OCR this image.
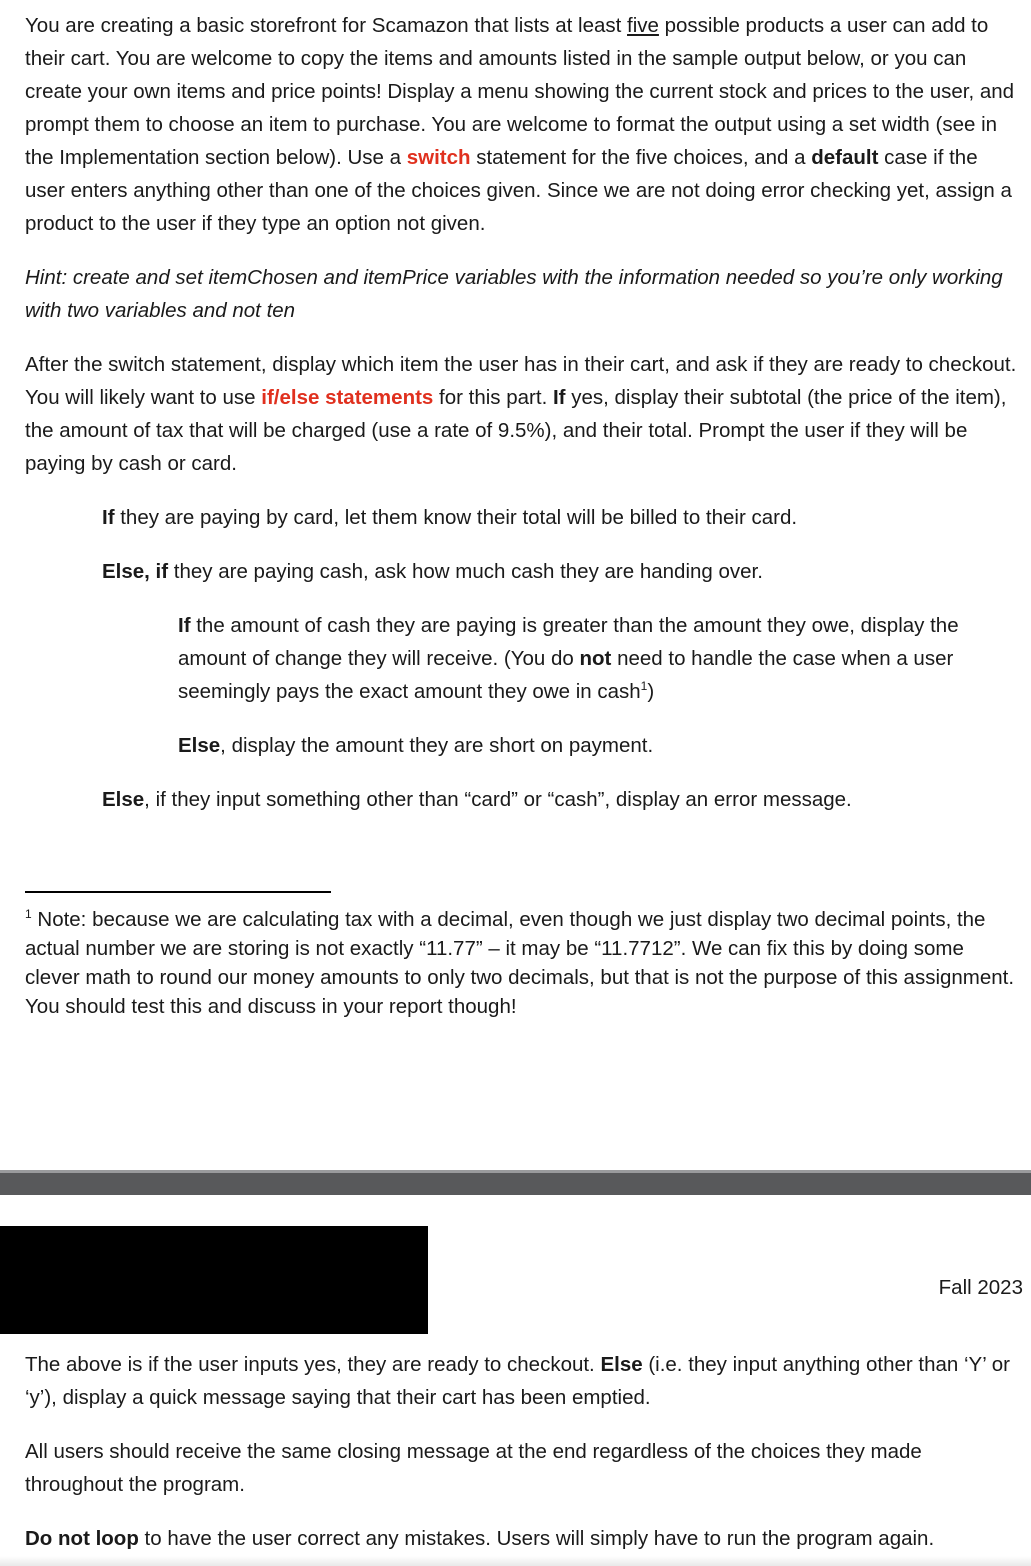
You are creating a basic storefront for Scamazon that lists at least five possible products a user can add to their cart. You are welcome to copy the items and amounts listed in the sample output below, or you can create your own items and price points! Display a menu showing the current stock and prices to the user, and prompt them to choose an item to purchase. You are welcome to format the output using a set width (see in the Implementation section below). Use a switch statement for the five choices, and a default case if the user enters anything other than one of the choices given. Since we are not doing error checking yet, assign a product to the user if they type an option not given.

Hint: create and set itemChosen and itemPrice variables with the information needed so you’re only working with two variables and not ten

After the switch statement, display which item the user has in their cart, and ask if they are ready to checkout. You will likely want to use if/else statements for this part. If yes, display their subtotal (the price of the item), the amount of tax that will be charged (use a rate of 9.5%), and their total. Prompt the user if they will be paying by cash or card.

If they are paying by card, let them know their total will be billed to their card.

Else, if they are paying cash, ask how much cash they are handing over.

If the amount of cash they are paying is greater than the amount they owe, display the amount of change they will receive. (You do not need to handle the case when a user seemingly pays the exact amount they owe in cash$^1$)

Else, display the amount they are short on payment.

Else, if they input something other than “card” or “cash”, display an error message.

$^1$ Note: because we are calculating tax with a decimal, even though we just display two decimal points, the actual number we are storing is not exactly “11.77” – it may be “11.7712”. We can fix this by doing some clever math to round our money amounts to only two decimals, but that is not the purpose of this assignment. You should test this and discuss in your report though!

Fall 2023

The above is if the user inputs yes, they are ready to checkout. Else (i.e. they input anything other than ‘Y’ or ‘y’), display a quick message saying that their cart has been emptied.

All users should receive the same closing message at the end regardless of the choices they made throughout the program.

Do not loop to have the user correct any mistakes. Users will simply have to run the program again.
